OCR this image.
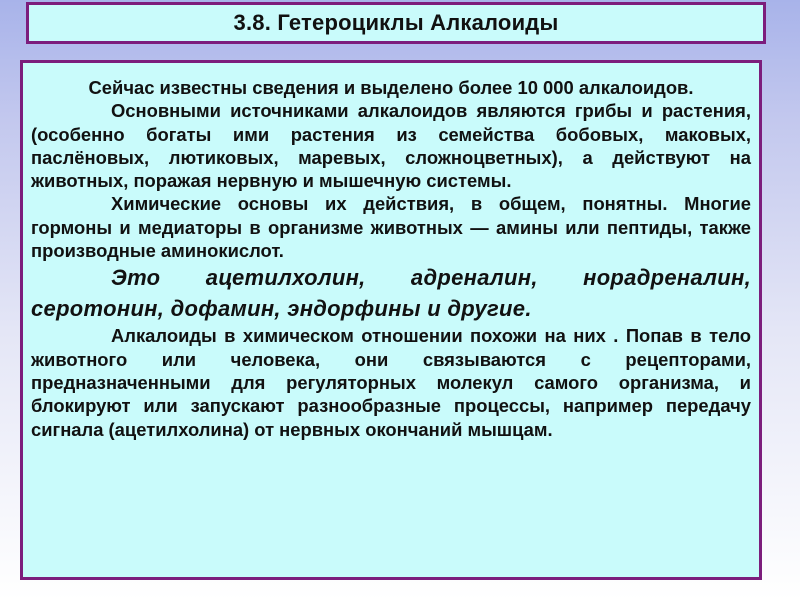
3.8. Гетероциклы Алкалоиды

Сейчас известны сведения и выделено более 10 000 алкалоидов.

Основными источниками алкалоидов являются грибы и растения, (особенно богаты ими растения из семейства бобовых, маковых, паслёновых, лютиковых, маревых, сложноцветных), а действуют на животных, поражая нервную и мышечную системы.

Химические основы их действия, в общем, понятны. Многие гормоны и медиаторы в организме животных — амины или пептиды, также производные аминокислот.

Это ацетилхолин, адреналин, норадреналин, серотонин, дофамин, эндорфины и другие.

Алкалоиды в химическом отношении похожи на них . Попав в тело животного или человека, они связываются с рецепторами, предназначенными для регуляторных молекул самого организма, и блокируют или запускают разнообразные процессы, например передачу сигнала (ацетилхолина) от нервных окончаний мышцам.
